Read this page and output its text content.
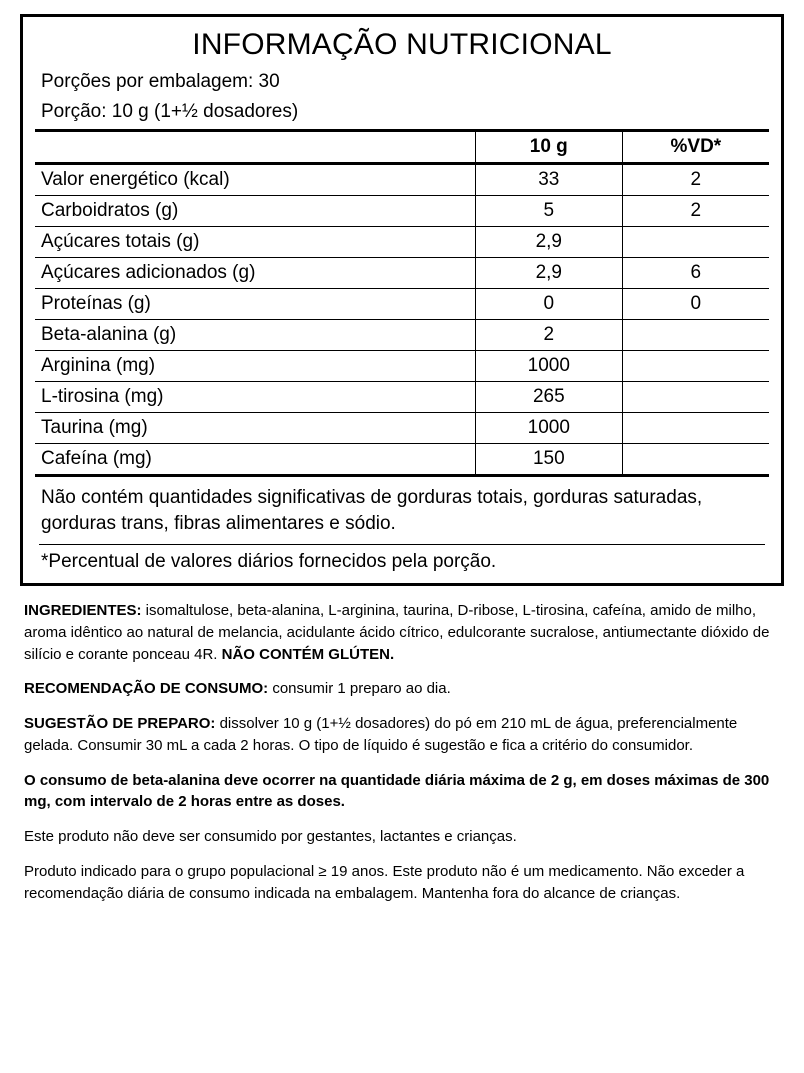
INFORMAÇÃO NUTRICIONAL
Porções por embalagem: 30
Porção: 10 g (1+½ dosadores)
	10 g	%VD*
Valor energético (kcal)	33	2
Carboidratos (g)	5	2
Açúcares totais (g)	2,9	
Açúcares adicionados (g)	2,9	6
Proteínas (g)	0	0
Beta-alanina (g)	2	
Arginina (mg)	1000	
L-tirosina (mg)	265	
Taurina (mg)	1000	
Cafeína (mg)	150	
Não contém quantidades significativas de gorduras totais, gorduras saturadas, gorduras trans, fibras alimentares e sódio.
*Percentual de valores diários fornecidos pela porção.

INGREDIENTES: isomaltulose, beta-alanina, L-arginina, taurina, D-ribose, L-tirosina, cafeína, amido de milho, aroma idêntico ao natural de melancia, acidulante ácido cítrico, edulcorante sucralose, antiumectante dióxido de silício e corante ponceau 4R. NÃO CONTÉM GLÚTEN.

RECOMENDAÇÃO DE CONSUMO: consumir 1 preparo ao dia.

SUGESTÃO DE PREPARO: dissolver 10 g (1+½ dosadores) do pó em 210 mL de água, preferencialmente gelada. Consumir 30 mL a cada 2 horas. O tipo de líquido é sugestão e fica a critério do consumidor.

O consumo de beta-alanina deve ocorrer na quantidade diária máxima de 2 g, em doses máximas de 300 mg, com intervalo de 2 horas entre as doses.

Este produto não deve ser consumido por gestantes, lactantes e crianças.

Produto indicado para o grupo populacional ≥ 19 anos. Este produto não é um medicamento. Não exceder a recomendação diária de consumo indicada na embalagem. Mantenha fora do alcance de crianças.
